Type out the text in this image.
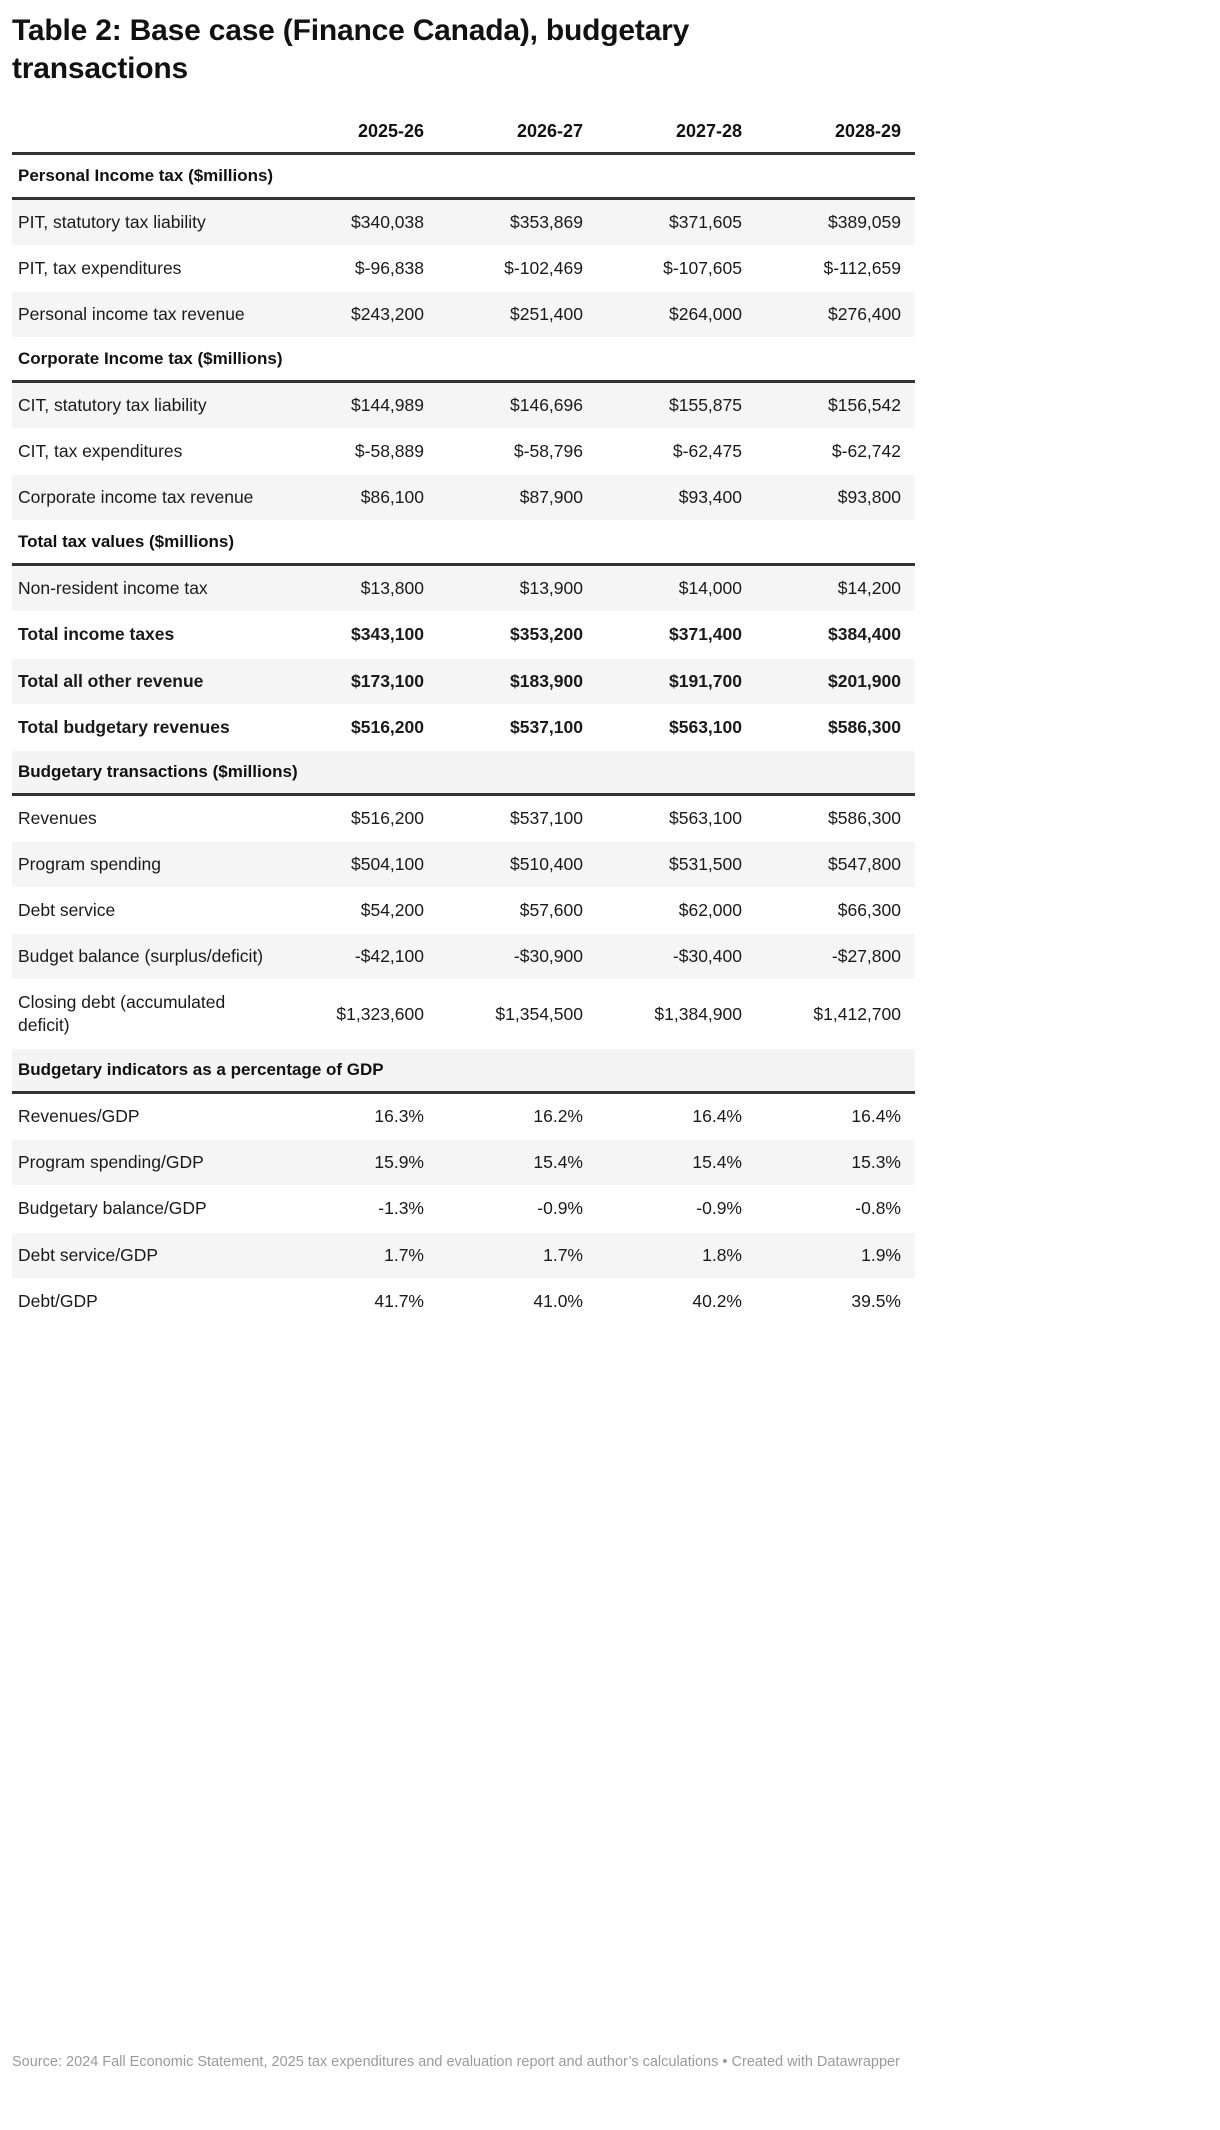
Table 2: Base case (Finance Canada), budgetary transactions
	2025-26	2026-27	2027-28	2028-29
Personal Income tax ($millions)				
PIT, statutory tax liability	$340,038	$353,869	$371,605	$389,059
PIT, tax expenditures	$-96,838	$-102,469	$-107,605	$-112,659
Personal income tax revenue	$243,200	$251,400	$264,000	$276,400
Corporate Income tax ($millions)				
CIT, statutory tax liability	$144,989	$146,696	$155,875	$156,542
CIT, tax expenditures	$-58,889	$-58,796	$-62,475	$-62,742
Corporate income tax revenue	$86,100	$87,900	$93,400	$93,800
Total tax values ($millions)				
Non-resident income tax	$13,800	$13,900	$14,000	$14,200
Total income taxes	$343,100	$353,200	$371,400	$384,400
Total all other revenue	$173,100	$183,900	$191,700	$201,900
Total budgetary revenues	$516,200	$537,100	$563,100	$586,300
Budgetary transactions ($millions)				
Revenues	$516,200	$537,100	$563,100	$586,300
Program spending	$504,100	$510,400	$531,500	$547,800
Debt service	$54,200	$57,600	$62,000	$66,300
Budget balance (surplus/deficit)	-$42,100	-$30,900	-$30,400	-$27,800
Closing debt (accumulated deficit)	$1,323,600	$1,354,500	$1,384,900	$1,412,700
Budgetary indicators as a percentage of GDP				
Revenues/GDP	16.3%	16.2%	16.4%	16.4%
Program spending/GDP	15.9%	15.4%	15.4%	15.3%
Budgetary balance/GDP	-1.3%	-0.9%	-0.9%	-0.8%
Debt service/GDP	1.7%	1.7%	1.8%	1.9%
Debt/GDP	41.7%	41.0%	40.2%	39.5%
Source: 2024 Fall Economic Statement, 2025 tax expenditures and evaluation report and author’s calculations • Created with Datawrapper
